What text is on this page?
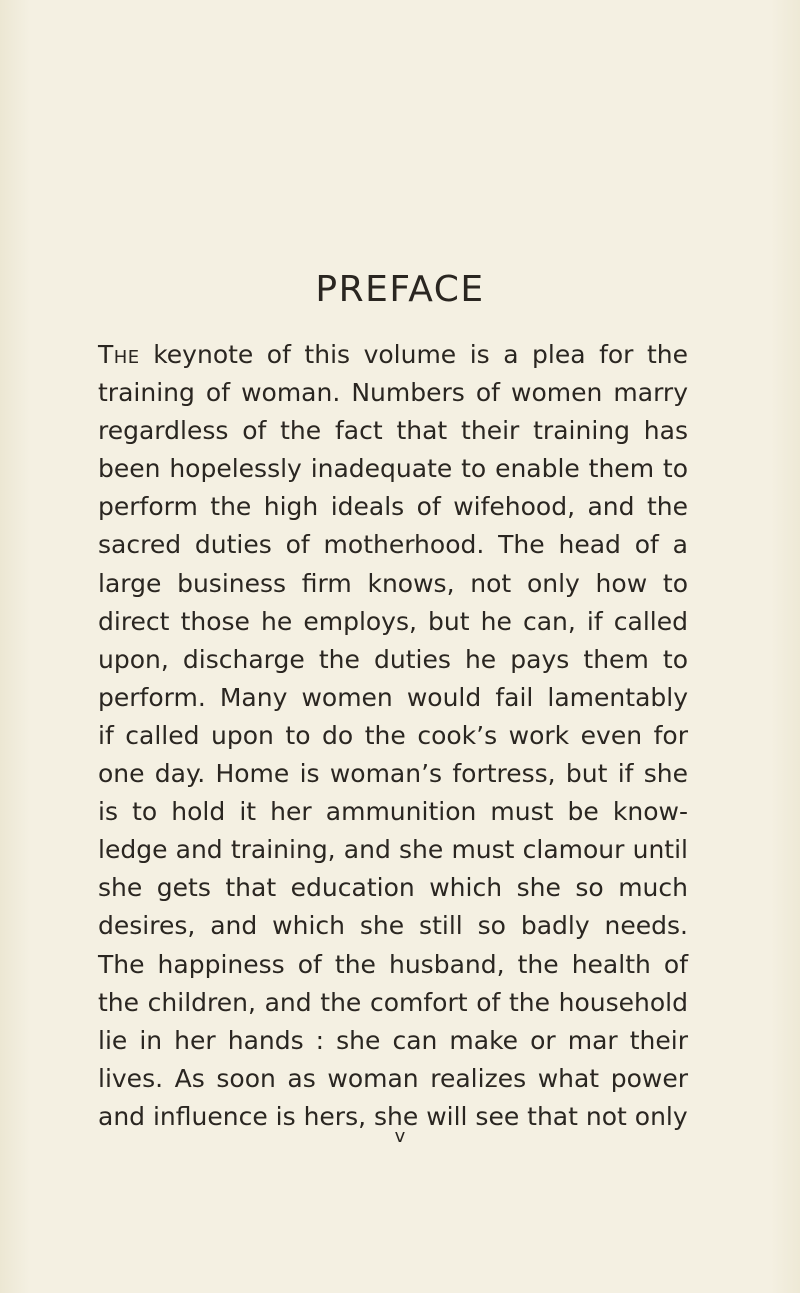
PREFACE
The keynote of this volume is a plea for the
training of woman. Numbers of women marry
regardless of the fact that their training has
been hopelessly inadequate to enable them to
perform the high ideals of wifehood, and the
sacred duties of motherhood. The head of a
large business firm knows, not only how to
direct those he employs, but he can, if called
upon, discharge the duties he pays them to
perform. Many women would fail lamentably
if called upon to do the cook’s work even for
one day. Home is woman’s fortress, but if she
is to hold it her ammunition must be know-
ledge and training, and she must clamour until
she gets that education which she so much
desires, and which she still so badly needs.
The happiness of the husband, the health of
the children, and the comfort of the household
lie in her hands : she can make or mar their
lives. As soon as woman realizes what power
and influence is hers, she will see that not only
v
